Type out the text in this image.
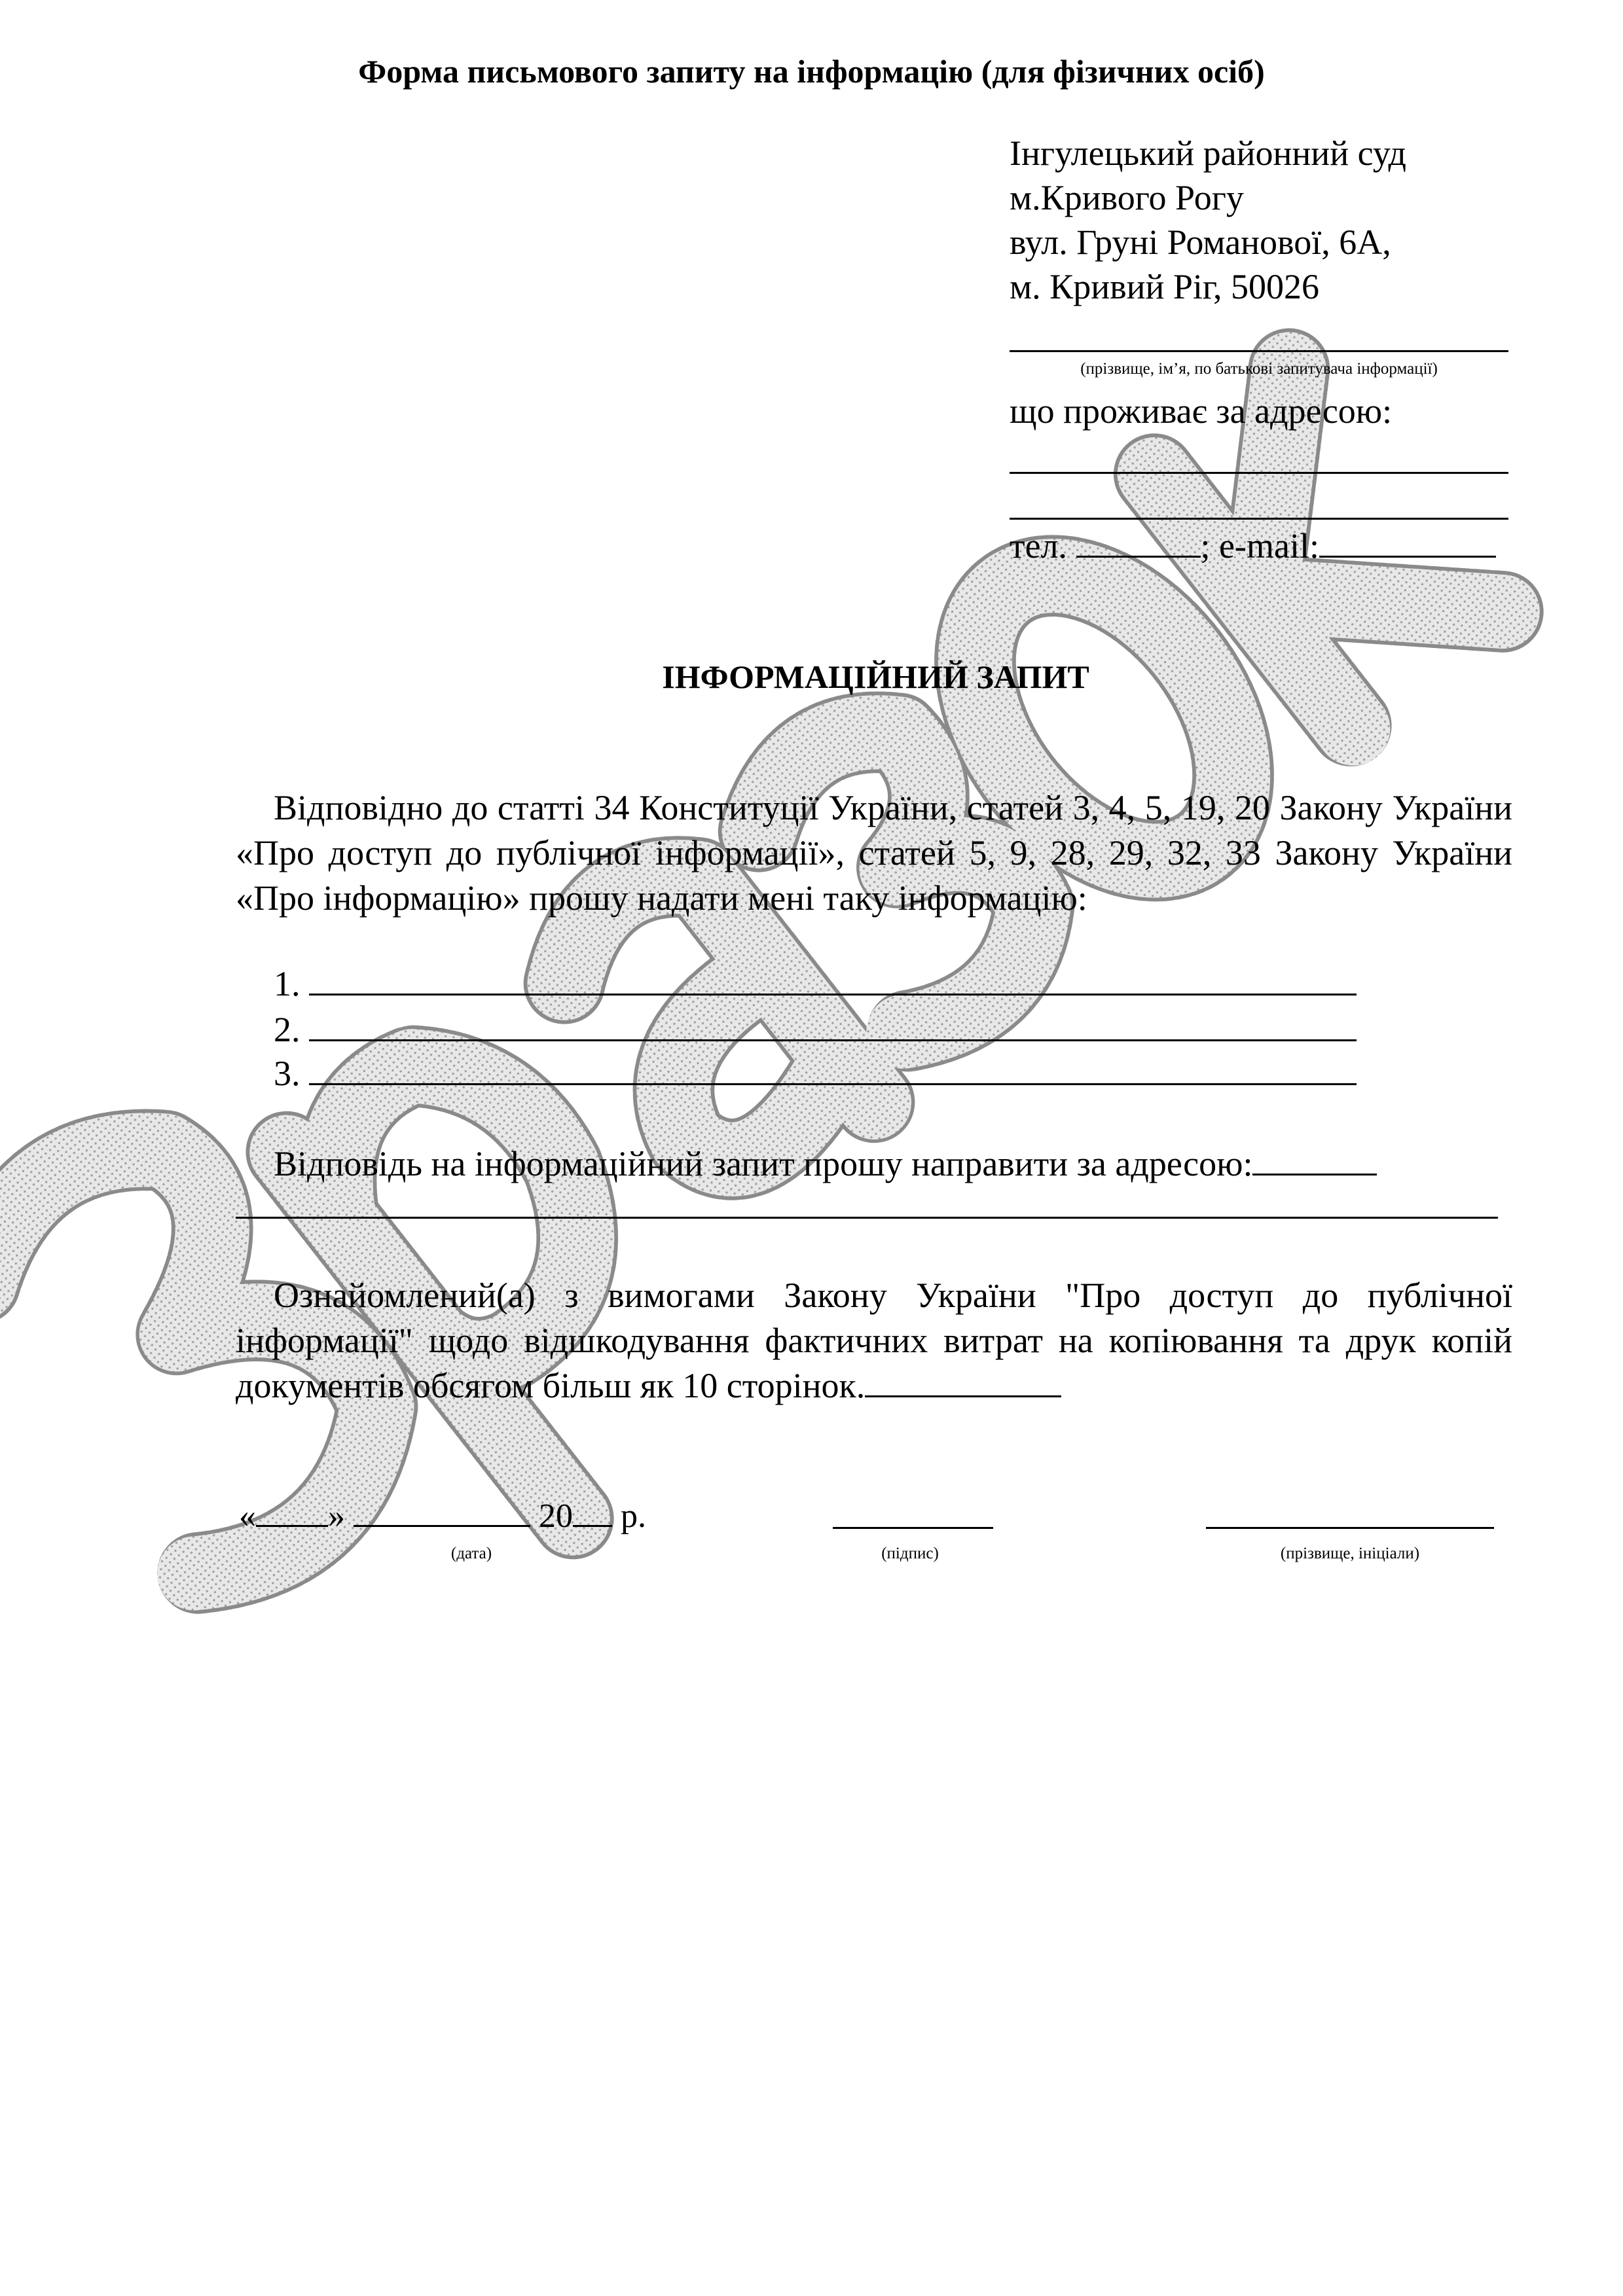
Форма письмового запиту на інформацію (для фізичних осіб)
Інгулецький районний суд
м.Кривого Рогу
вул. Груні Романової, 6А,
м. Кривий Ріг, 50026
(прізвище, ім’я, по батькові запитувача інформації)
що проживає за адресою:
тел.	; e-mail:
ІНФОРМАЦІЙНИЙ ЗАПИТ
Відповідно до статті 34 Конституції України, статей 3, 4, 5, 19, 20 Закону України «Про доступ до публічної інформації», статей 5, 9, 28, 29, 32, 33 Закону України «Про інформацію» прошу надати мені таку інформацію:
1.
2.
3.
Відповідь на інформаційний запит прошу направити за адресою:
Ознайомлений(а) з вимогами Закону України "Про доступ до публічної інформації" щодо відшкодування фактичних витрат на копіювання та друк копій документів обсягом більш як 10 сторінок.
« »	20 р.
(дата)	(підпис)	(прізвище, ініціали)
